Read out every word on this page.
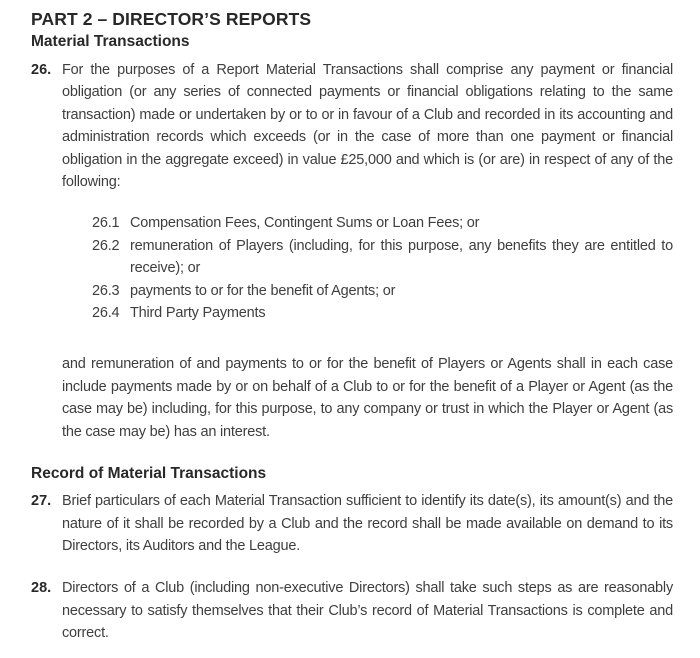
PART 2 – DIRECTOR’S REPORTS
Material Transactions
26. For the purposes of a Report Material Transactions shall comprise any payment or financial obligation (or any series of connected payments or financial obligations relating to the same transaction) made or undertaken by or to or in favour of a Club and recorded in its accounting and administration records which exceeds (or in the case of more than one payment or financial obligation in the aggregate exceed) in value £25,000 and which is (or are) in respect of any of the following:

26.1 Compensation Fees, Contingent Sums or Loan Fees; or

26.2 remuneration of Players (including, for this purpose, any benefits they are entitled to receive); or

26.3 payments to or for the benefit of Agents; or

26.4 Third Party Payments

and remuneration of and payments to or for the benefit of Players or Agents shall in each case include payments made by or on behalf of a Club to or for the benefit of a Player or Agent (as the case may be) including, for this purpose, to any company or trust in which the Player or Agent (as the case may be) has an interest.

Record of Material Transactions
27. Brief particulars of each Material Transaction sufficient to identify its date(s), its amount(s) and the nature of it shall be recorded by a Club and the record shall be made available on demand to its Directors, its Auditors and the League.

28. Directors of a Club (including non-executive Directors) shall take such steps as are reasonably necessary to satisfy themselves that their Club’s record of Material Transactions is complete and correct.
